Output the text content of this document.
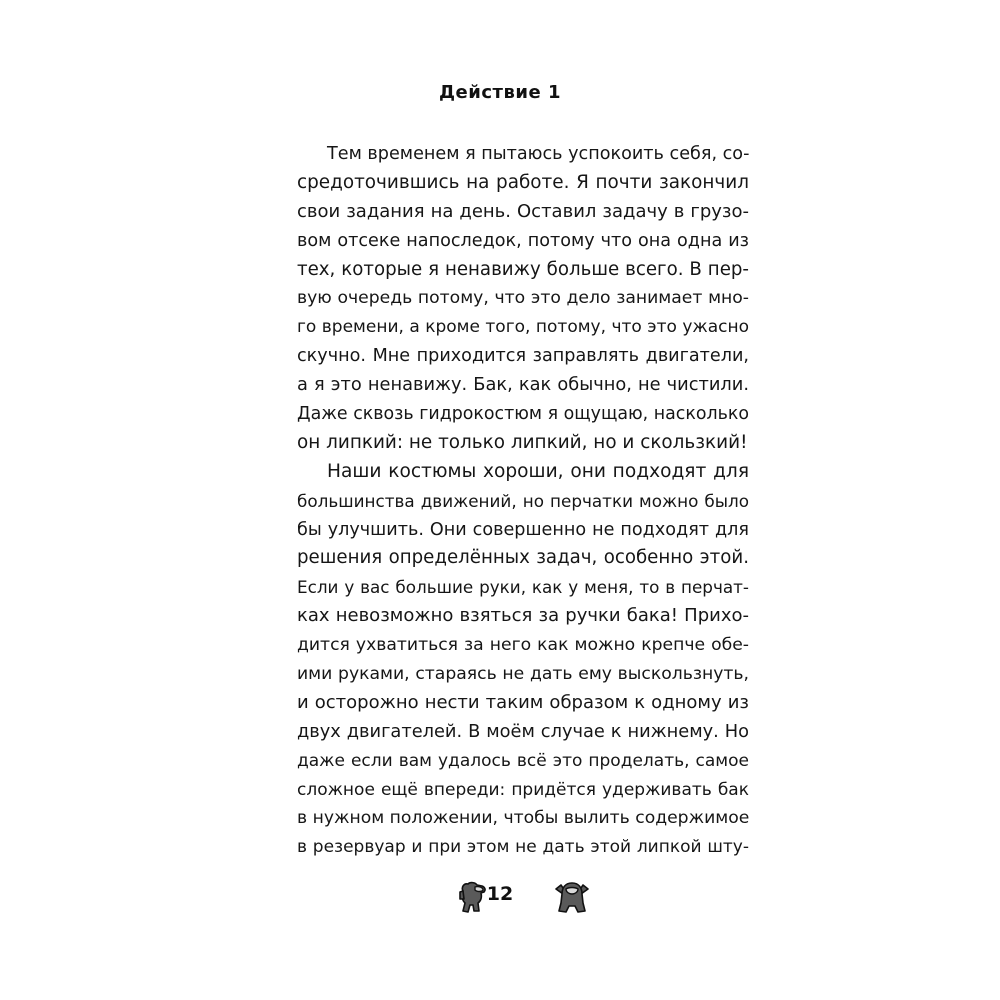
Действие 1
Тем временем я пытаюсь успокоить себя, со-
средоточившись на работе. Я почти закончил
свои задания на день. Оставил задачу в грузо-
вом отсеке напоследок, потому что она одна из
тех, которые я ненавижу больше всего. В пер-
вую очередь потому, что это дело занимает мно-
го времени, а кроме того, потому, что это ужасно
скучно. Мне приходится заправлять двигатели,
а я это ненавижу. Бак, как обычно, не чистили.
Даже сквозь гидрокостюм я ощущаю, насколько
он липкий: не только липкий, но и скользкий!
Наши костюмы хороши, они подходят для
большинства движений, но перчатки можно было
бы улучшить. Они совершенно не подходят для
решения определённых задач, особенно этой.
Если у вас большие руки, как у меня, то в перчат-
ках невозможно взяться за ручки бака! Прихо-
дится ухватиться за него как можно крепче обе-
ими руками, стараясь не дать ему выскользнуть,
и осторожно нести таким образом к одному из
двух двигателей. В моём случае к нижнему. Но
даже если вам удалось всё это проделать, самое
сложное ещё впереди: придётся удерживать бак
в нужном положении, чтобы вылить содержимое
в резервуар и при этом не дать этой липкой шту-
12
